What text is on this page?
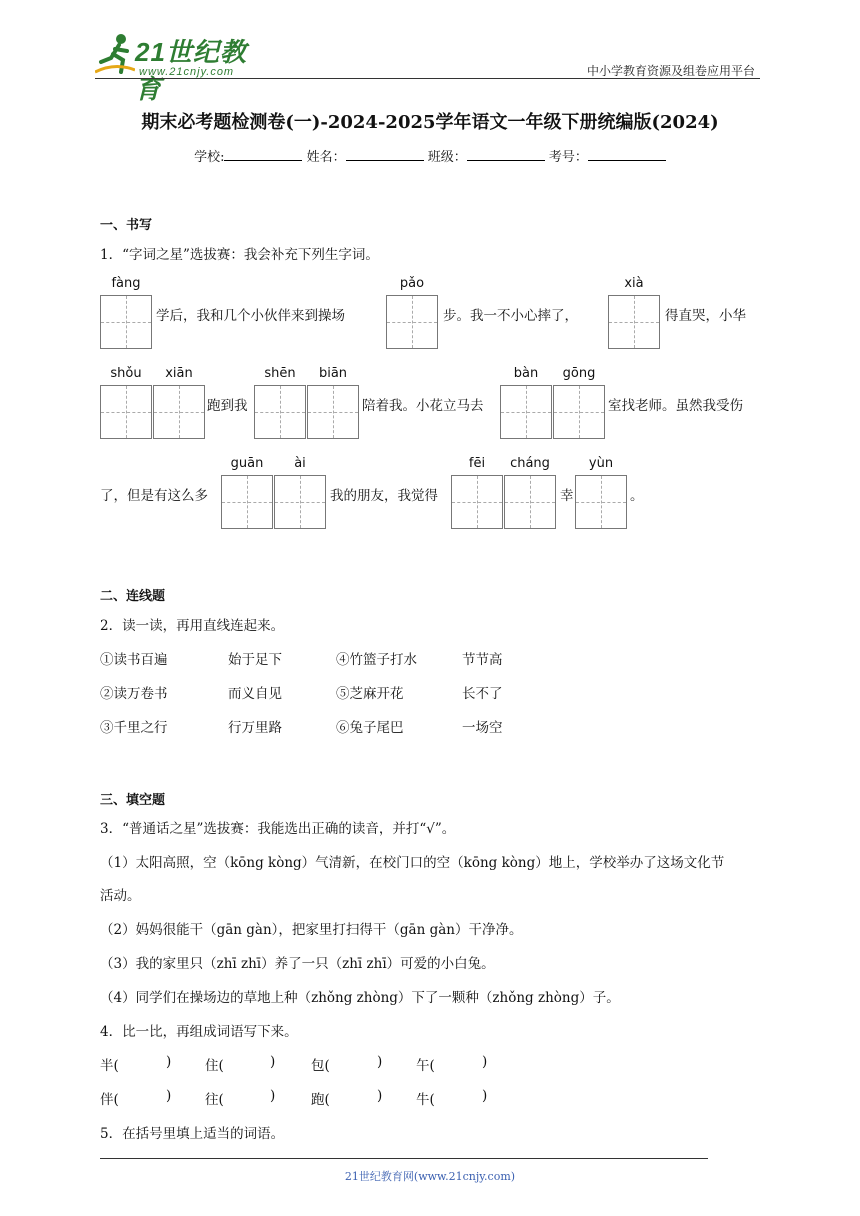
21世纪教育
www.21cnjy.com	中小学教育资源及组卷应用平台
期末必考题检测卷(一)-2024-2025学年语文一年级下册统编版(2024)
学校:	姓名：	班级：	考号：
一、书写
1．“字词之星”选拔赛：我会补充下列生字词。
fàng
学后，我和几个小伙伴来到操场
pǎo
步。我一不小心摔了，
xià
得直哭，小华
shǒu	xiān
跑到我
shēn	biān
陪着我。小花立马去
bàn	gōng
室找老师。虽然我受伤
了，但是有这么多
guān	ài
我的朋友，我觉得
fēi	cháng
幸
yùn
。
二、连线题
2．读一读，再用直线连起来。
①读书百遍	始于足下	④竹篮子打水	节节高
②读万卷书	而义自见	⑤芝麻开花	长不了
③千里之行	行万里路	⑥兔子尾巴	一场空
三、填空题
3．“普通话之星”选拔赛：我能选出正确的读音，并打“√”。
（1）太阳高照，空（kōng kòng）气清新，在校门口的空（kōng kòng）地上，学校举办了这场文化节
活动。
（2）妈妈很能干（gān gàn），把家里打扫得干（gān gàn）干净净。
（3）我的家里只（zhī zhī）养了一只（zhī zhī）可爱的小白兔。
（4）同学们在操场边的草地上种（zhǒng zhòng）下了一颗种（zhǒng zhòng）子。
4．比一比，再组成词语写下来。
半(	) 住(	)	包(	) 午(	)
伴(	) 往(	)	跑(	) 牛(	)
5．在括号里填上适当的词语。
21世纪教育网(www.21cnjy.com)
